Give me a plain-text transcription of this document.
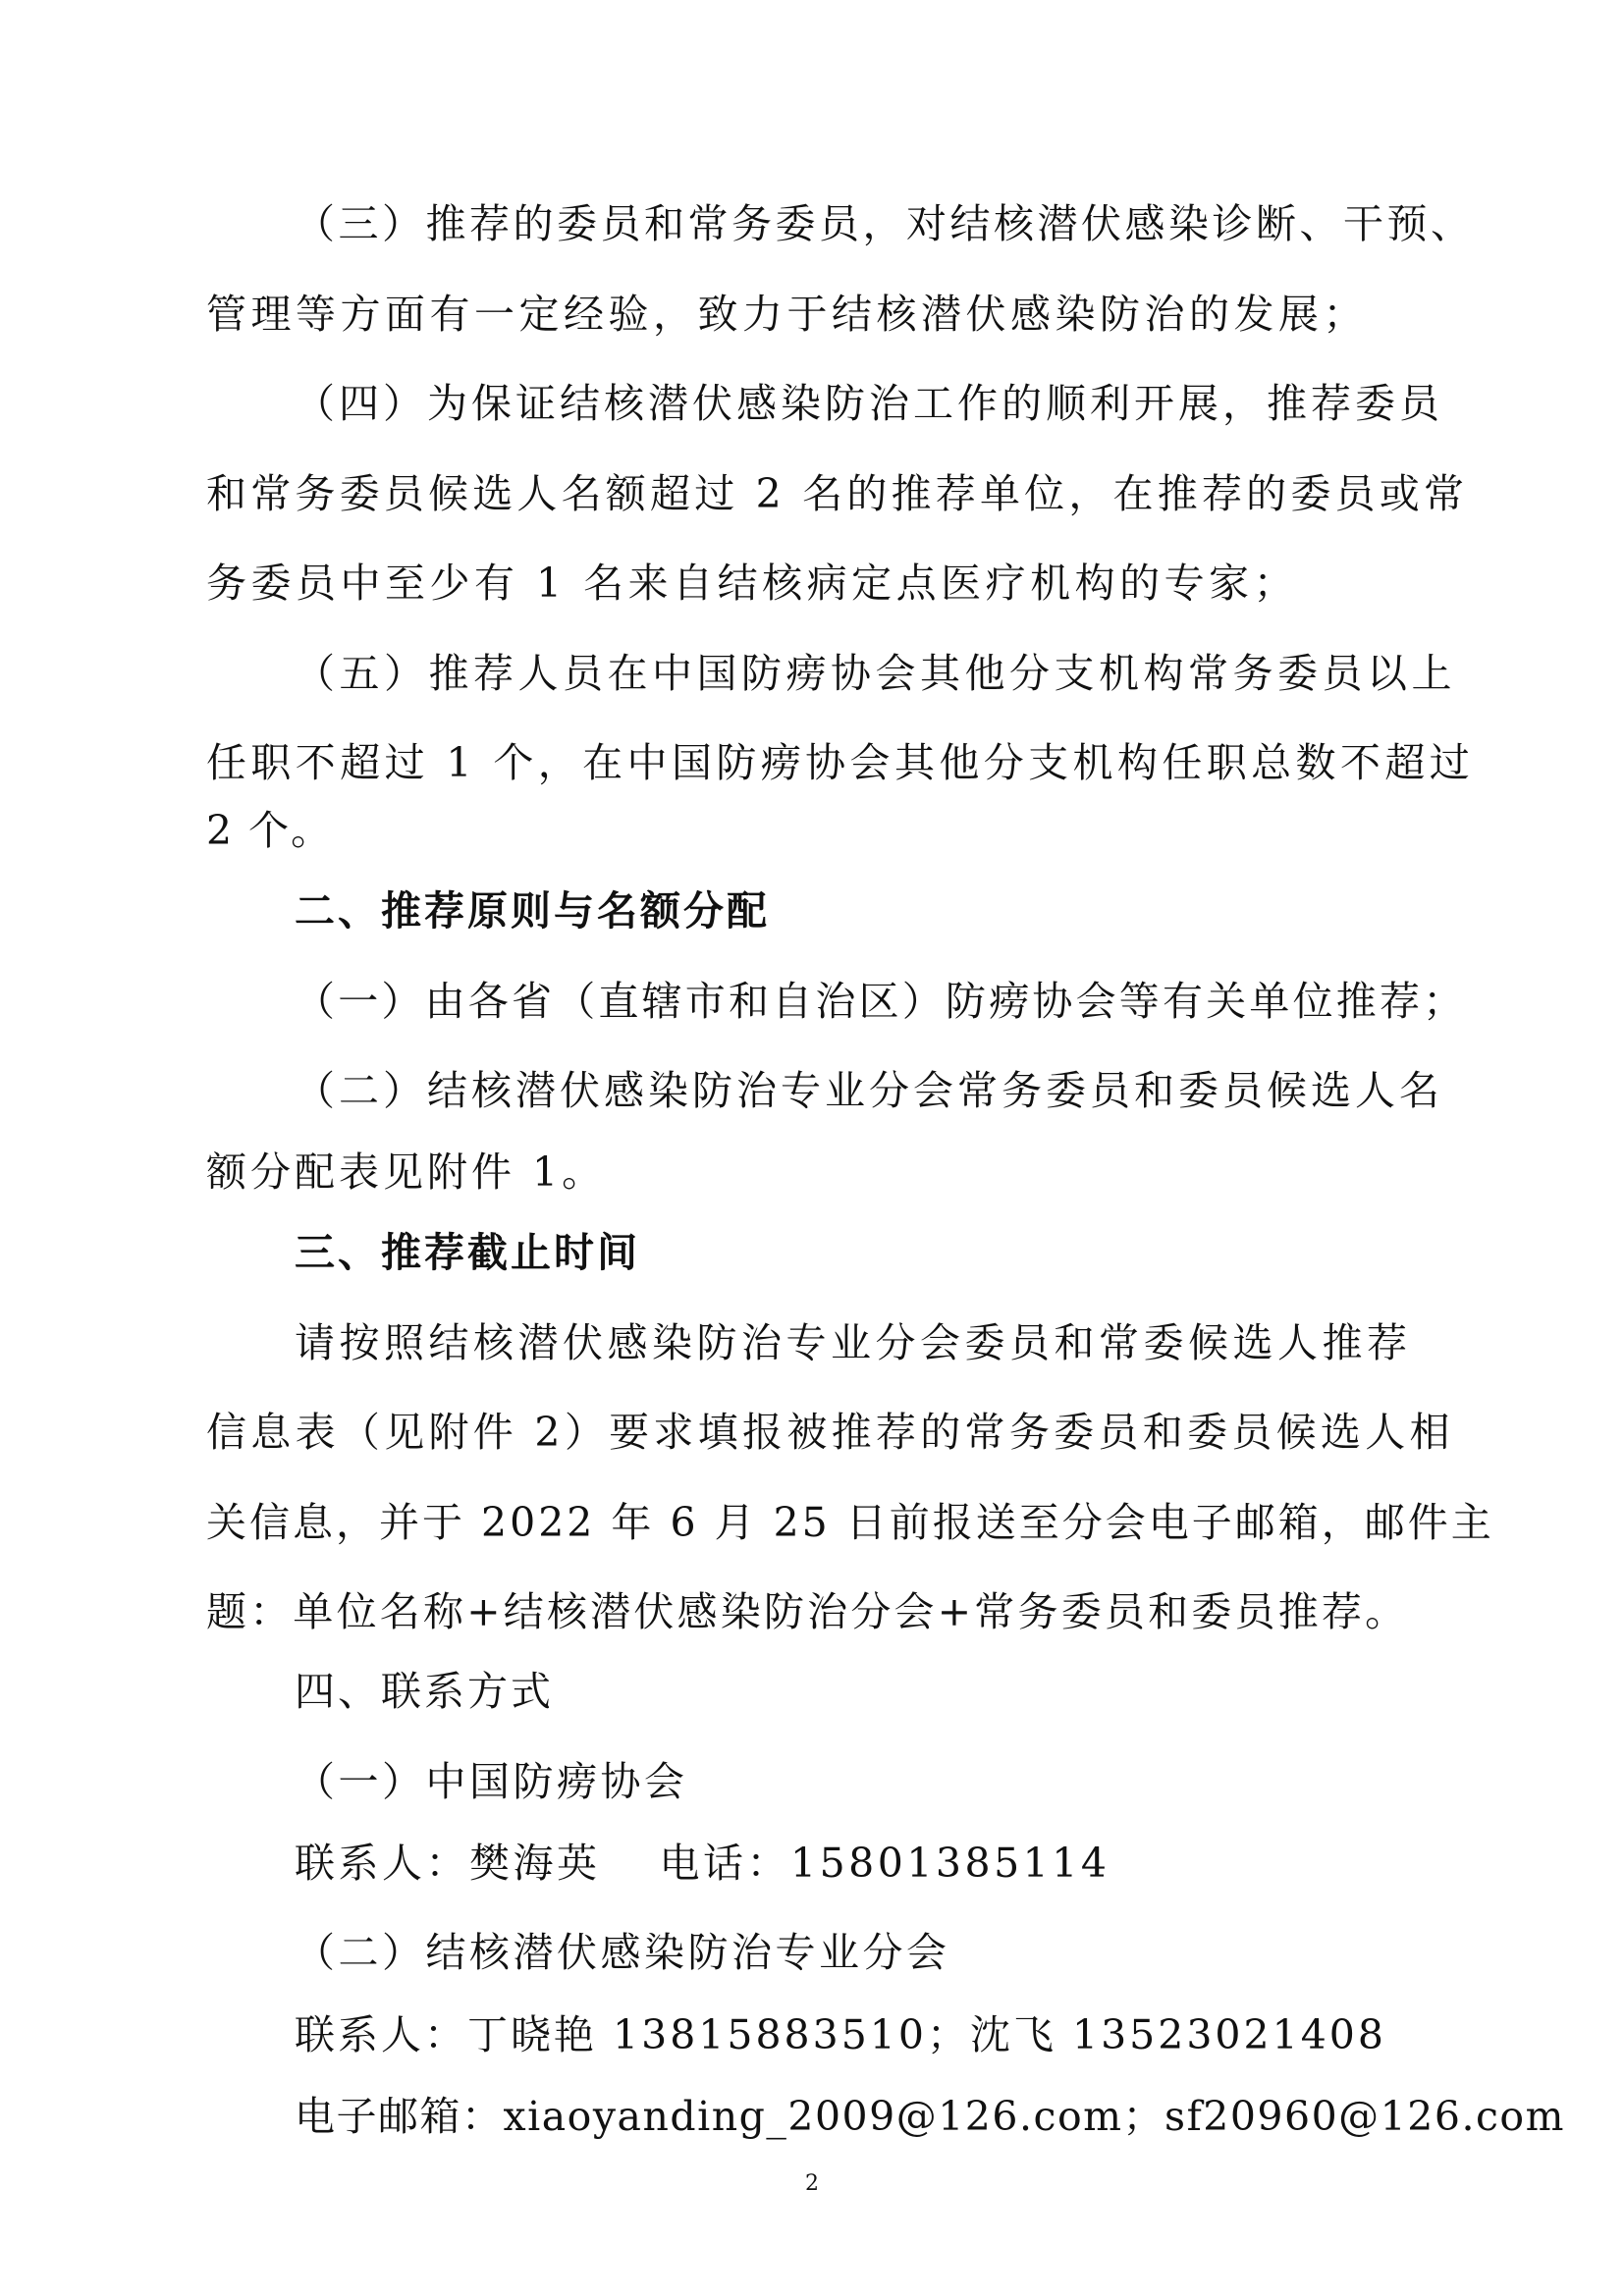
（三）推荐的委员和常务委员，对结核潜伏感染诊断、干预、
管理等方面有一定经验，致力于结核潜伏感染防治的发展；
（四）为保证结核潜伏感染防治工作的顺利开展，推荐委员
和常务委员候选人名额超过 2 名的推荐单位，在推荐的委员或常
务委员中至少有 1 名来自结核病定点医疗机构的专家；
（五）推荐人员在中国防痨协会其他分支机构常务委员以上
任职不超过 1 个，在中国防痨协会其他分支机构任职总数不超过
2 个。
二、推荐原则与名额分配
（一）由各省（直辖市和自治区）防痨协会等有关单位推荐；
（二）结核潜伏感染防治专业分会常务委员和委员候选人名
额分配表见附件 1。
三、推荐截止时间
请按照结核潜伏感染防治专业分会委员和常委候选人推荐
信息表（见附件 2）要求填报被推荐的常务委员和委员候选人相
关信息，并于 2022 年 6 月 25 日前报送至分会电子邮箱，邮件主
题：单位名称+结核潜伏感染防治分会+常务委员和委员推荐。
四、联系方式
（一）中国防痨协会
联系人：樊海英 电话：15801385114
（二）结核潜伏感染防治专业分会
联系人：丁晓艳 13815883510；沈飞 13523021408
电子邮箱：xiaoyanding_2009@126.com；sf20960@126.com
2
